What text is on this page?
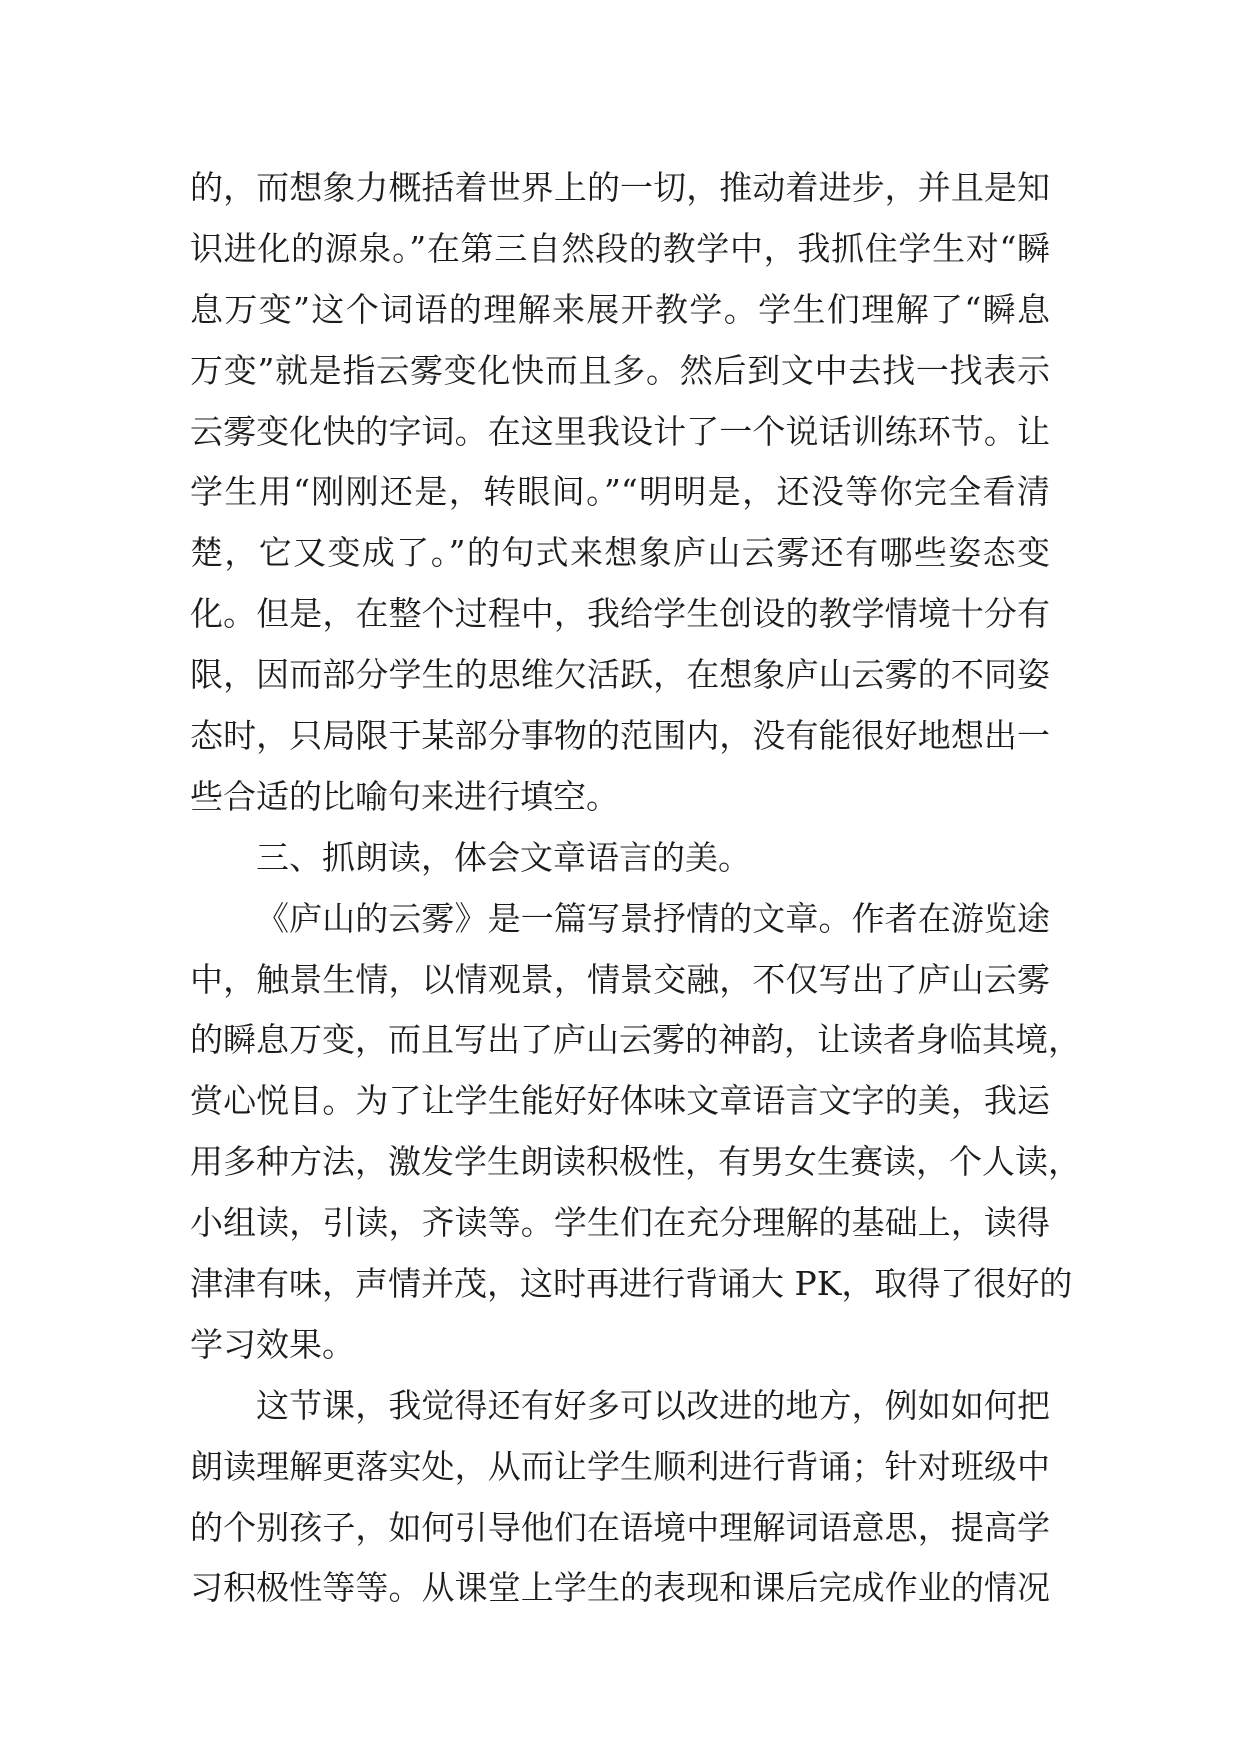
的，而想象力概括着世界上的一切，推动着进步，并且是知
识进化的源泉。”在第三自然段的教学中，我抓住学生对“瞬
息万变”这个词语的理解来展开教学。学生们理解了“瞬息
万变”就是指云雾变化快而且多。然后到文中去找一找表示
云雾变化快的字词。在这里我设计了一个说话训练环节。让
学生用“刚刚还是，转眼间。”“明明是，还没等你完全看清
楚，它又变成了。”的句式来想象庐山云雾还有哪些姿态变
化。但是，在整个过程中，我给学生创设的教学情境十分有
限，因而部分学生的思维欠活跃，在想象庐山云雾的不同姿
态时，只局限于某部分事物的范围内，没有能很好地想出一
些合适的比喻句来进行填空。
三、抓朗读，体会文章语言的美。
《庐山的云雾》是一篇写景抒情的文章。作者在游览途
中，触景生情，以情观景，情景交融，不仅写出了庐山云雾
的瞬息万变，而且写出了庐山云雾的神韵，让读者身临其境，
赏心悦目。为了让学生能好好体味文章语言文字的美，我运
用多种方法，激发学生朗读积极性，有男女生赛读，个人读，
小组读，引读，齐读等。学生们在充分理解的基础上，读得
津津有味，声情并茂，这时再进行背诵大 PK，取得了很好的
学习效果。
这节课，我觉得还有好多可以改进的地方，例如如何把
朗读理解更落实处，从而让学生顺利进行背诵；针对班级中
的个别孩子，如何引导他们在语境中理解词语意思，提高学
习积极性等等。从课堂上学生的表现和课后完成作业的情况
